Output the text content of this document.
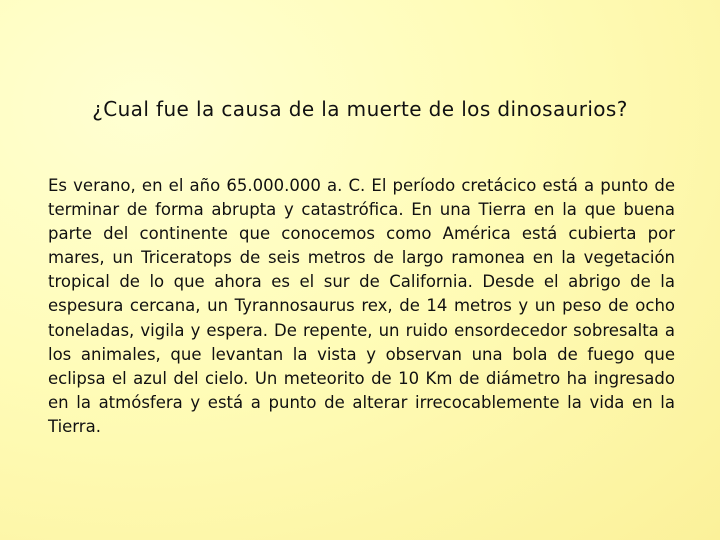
¿Cual fue la causa de la muerte de los dinosaurios?

Es verano, en el año 65.000.000 a. C. El período cretácico está a punto de terminar de forma abrupta y catastrófica. En una Tierra en la que buena parte del continente que conocemos como América está cubierta por mares, un Triceratops de seis metros de largo ramonea en la vegetación tropical de lo que ahora es el sur de California. Desde el abrigo de la espesura cercana, un Tyrannosaurus rex, de 14 metros y un peso de ocho toneladas, vigila y espera. De repente, un ruido ensordecedor sobresalta a los animales, que levantan la vista y observan una bola de fuego que eclipsa el azul del cielo. Un meteorito de 10 Km de diámetro ha ingresado en la atmósfera y está a punto de alterar irrecocablemente la vida en la Tierra.
